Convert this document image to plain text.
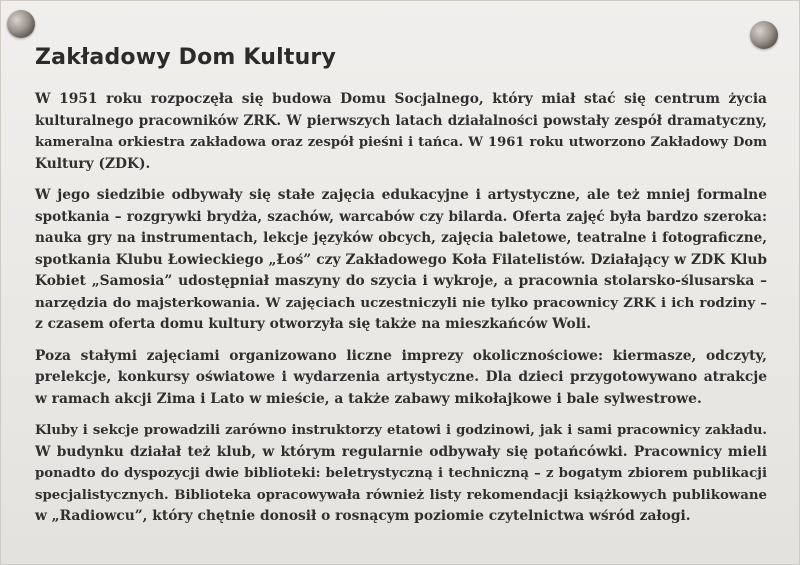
Zakładowy Dom Kultury

W 1951 roku rozpoczęła się budowa Domu Socjalnego, który miał stać się centrum życia
kulturalnego pracowników ZRK. W pierwszych latach działalności powstały zespół dramatyczny,
kameralna orkiestra zakładowa oraz zespół pieśni i tańca. W 1961 roku utworzono Zakładowy Dom
Kultury (ZDK).

W jego siedzibie odbywały się stałe zajęcia edukacyjne i artystyczne, ale też mniej formalne
spotkania – rozgrywki brydża, szachów, warcabów czy bilarda. Oferta zajęć była bardzo szeroka:
nauka gry na instrumentach, lekcje języków obcych, zajęcia baletowe, teatralne i fotograficzne,
spotkania Klubu Łowieckiego „Łoś” czy Zakładowego Koła Filatelistów. Działający w ZDK Klub
Kobiet „Samosia” udostępniał maszyny do szycia i wykroje, a pracownia stolarsko-ślusarska –
narzędzia do majsterkowania. W zajęciach uczestniczyli nie tylko pracownicy ZRK i ich rodziny –
z czasem oferta domu kultury otworzyła się także na mieszkańców Woli.

Poza stałymi zajęciami organizowano liczne imprezy okolicznościowe: kiermasze, odczyty,
prelekcje, konkursy oświatowe i wydarzenia artystyczne. Dla dzieci przygotowywano atrakcje
w ramach akcji Zima i Lato w mieście, a także zabawy mikołajkowe i bale sylwestrowe.

Kluby i sekcje prowadzili zarówno instruktorzy etatowi i godzinowi, jak i sami pracownicy zakładu.
W budynku działał też klub, w którym regularnie odbywały się potańcówki. Pracownicy mieli
ponadto do dyspozycji dwie biblioteki: beletrystyczną i techniczną – z bogatym zbiorem publikacji
specjalistycznych. Biblioteka opracowywała również listy rekomendacji książkowych publikowane
w „Radiowcu”, który chętnie donosił o rosnącym poziomie czytelnictwa wśród załogi.
